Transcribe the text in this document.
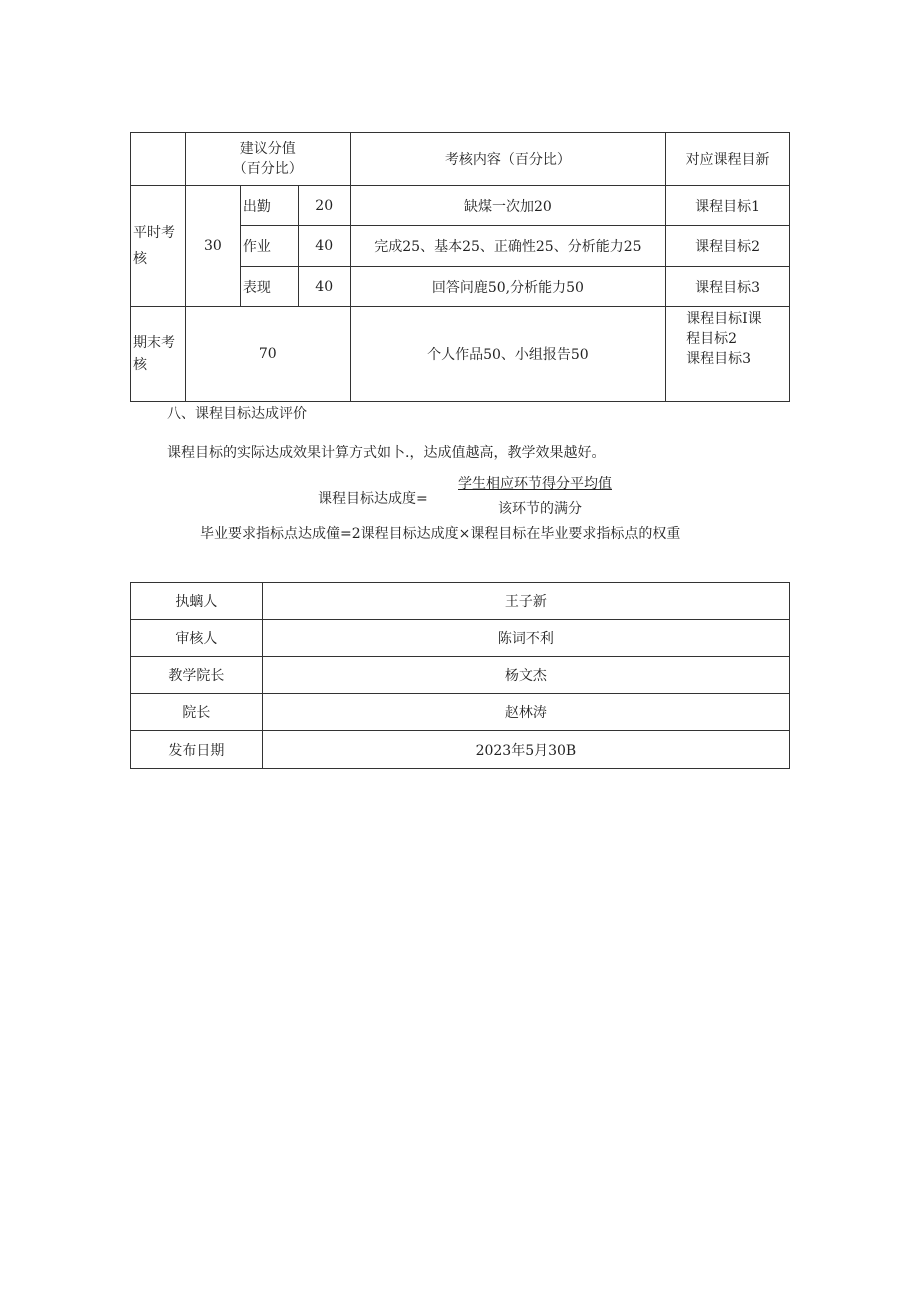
	建议分值
（百分比）			考核内容（百分比）	对应课程目新
平时考核	30	出勤	20	缺煤一次加20	课程目标1
		作业	40	完成25、基本25、正确性25、分析能力25	课程目标2
		表现	40	回答问鹿50,分析能力50	课程目标3
期末考核	70			个人作品50、小组报告50	课程目标I课
程目标2
课程目标3
八、课程目标达成评价
课程目标的实际达成效果计算方式如卜.，达成值越高，教学效果越好。
课程目标达成度=
学生相应环节得分平均值
该环节的满分
毕业要求指标点达成僮=2课程目标达成度×课程目标在毕业要求指标点的权重
执螭人	王子新
审核人	陈词不利
教学院长	杨文杰
院长	赵林涛
发布日期	2023年5月30B
